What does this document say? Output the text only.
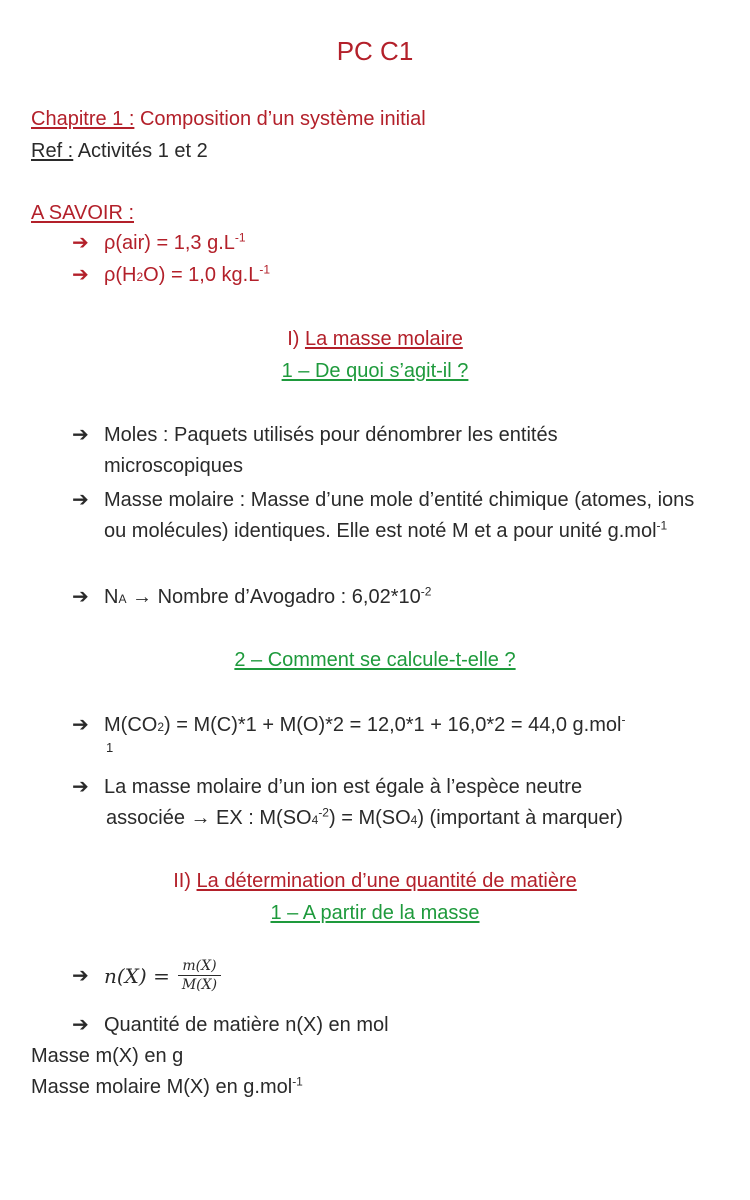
PC C1
Chapitre 1 : Composition d’un système initial
Ref : Activités 1 et 2
A SAVOIR :
➔ ρ(air) = 1,3 $g.L^{-1}$
➔ ρ(H2O) = 1,0 $kg.L^{-1}$
I) La masse molaire
1 – De quoi s’agit-il ?
➔ Moles : Paquets utilisés pour dénombrer les entités microscopiques
➔ Masse molaire : Masse d’une mole d’entité chimique (atomes, ions ou molécules) identiques. Elle est noté M et a pour unité g.mol$^{-1}$
➔ NA → Nombre d’Avogadro : $6,02*10^{-2}$
2 – Comment se calcule-t-elle ?
➔ M(CO2) = M(C)*1 + M(O)*2 = 12,0*1 + 16,0*2 = 44,0 g.mol-
1
➔ La masse molaire d’un ion est égale à l’espèce neutre
associée → EX : $M(SO4^{-2}) = M(SO4)$ (important à marquer)
II) La détermination d’une quantité de matière
1 – A partir de la masse
➔ $n(X) = \frac{m(X)}{M(X)}$
➔ Quantité de matière n(X) en mol
Masse m(X) en g
Masse molaire M(X) en g.mol$^{-1}$
